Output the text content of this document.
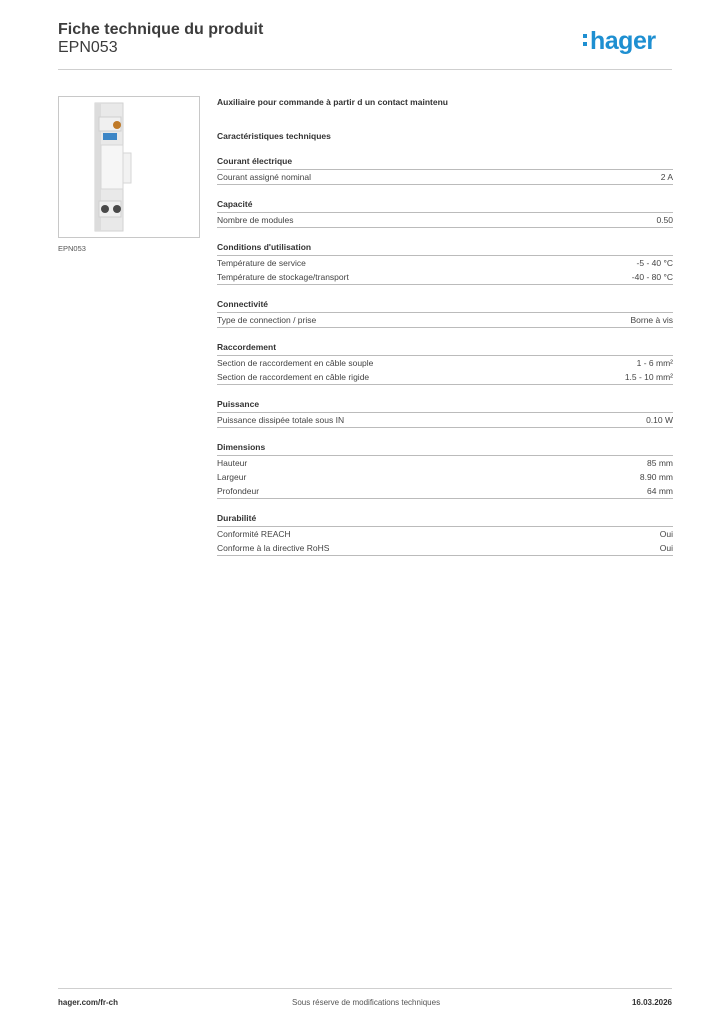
Fiche technique du produit
EPN053	hager
EPN053
Auxiliaire pour commande à partir d un contact maintenu
Caractéristiques techniques
Courant électrique
Courant assigné nominal	2 A
Capacité
Nombre de modules	0.50
Conditions d'utilisation
Température de service	-5 - 40 °C
Température de stockage/transport	-40 - 80 °C
Connectivité
Type de connection / prise	Borne à vis
Raccordement
Section de raccordement en câble souple	1 - 6 mm²
Section de raccordement en câble rigide	1.5 - 10 mm²
Puissance
Puissance dissipée totale sous IN	0.10 W
Dimensions
Hauteur	85 mm
Largeur	8.90 mm
Profondeur	64 mm
Durabilité
Conformité REACH	Oui
Conforme à la directive RoHS	Oui
hager.com/fr-ch	Sous réserve de modifications techniques	16.03.2026
